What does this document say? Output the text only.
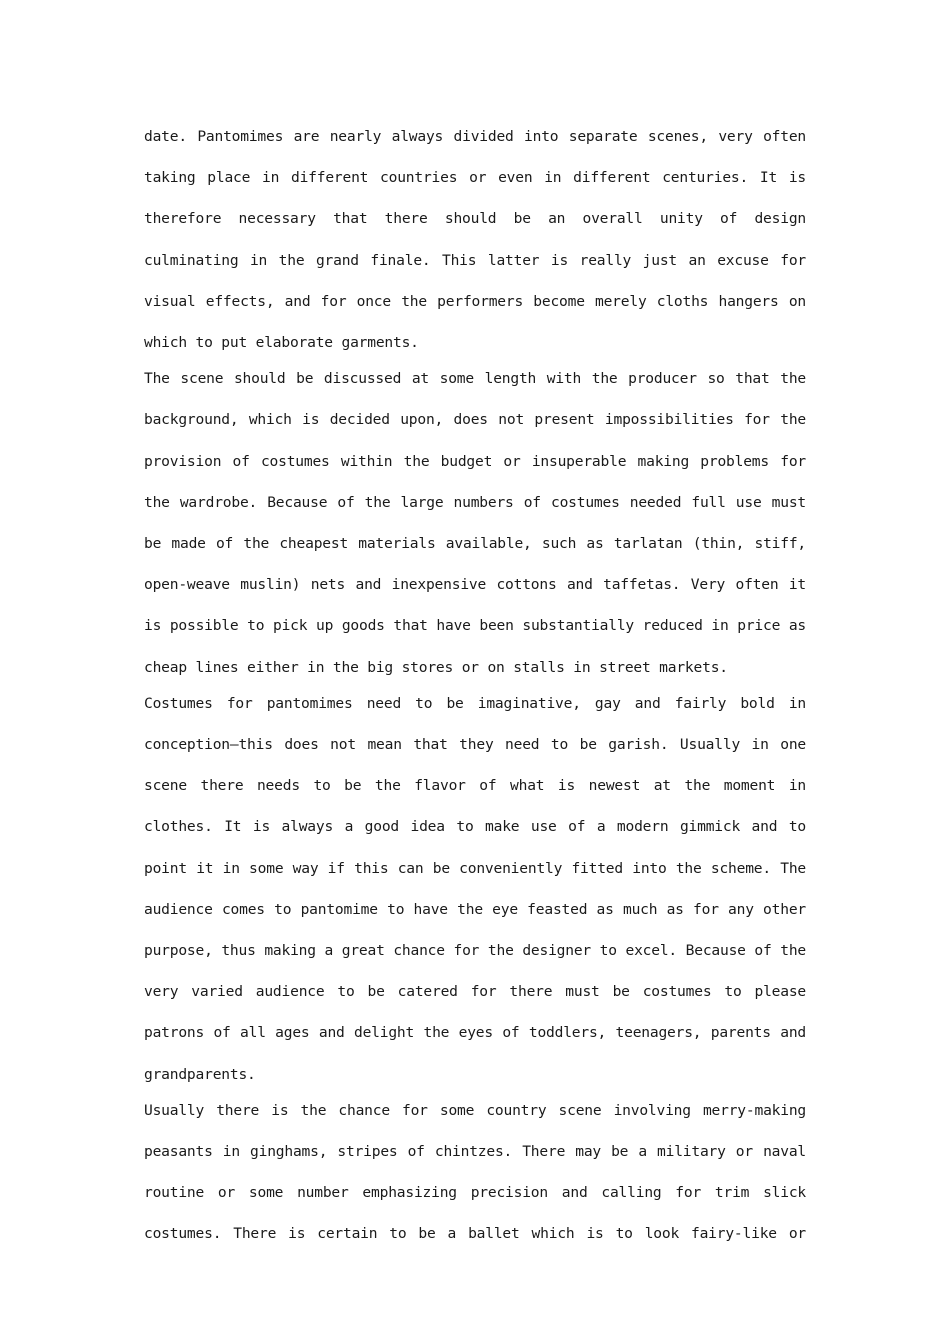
date. Pantomimes are nearly always divided into separate scenes, very often taking place in different countries or even in different centuries. It is therefore necessary that there should be an overall unity of design culminating in the grand finale. This latter is really just an excuse for visual effects, and for once the performers become merely cloths hangers on which to put elaborate garments.

The scene should be discussed at some length with the producer so that the background, which is decided upon, does not present impossibilities for the provision of costumes within the budget or insuperable making problems for the wardrobe. Because of the large numbers of costumes needed full use must be made of the cheapest materials available, such as tarlatan (thin, stiff, open-weave muslin) nets and inexpensive cottons and taffetas. Very often it is possible to pick up goods that have been substantially reduced in price as cheap lines either in the big stores or on stalls in street markets.

Costumes for pantomimes need to be imaginative, gay and fairly bold in conception—this does not mean that they need to be garish. Usually in one scene there needs to be the flavor of what is newest at the moment in clothes. It is always a good idea to make use of a modern gimmick and to point it in some way if this can be conveniently fitted into the scheme. The audience comes to pantomime to have the eye feasted as much as for any other purpose, thus making a great chance for the designer to excel. Because of the very varied audience to be catered for there must be costumes to please patrons of all ages and delight the eyes of toddlers, teenagers, parents and grandparents.

Usually there is the chance for some country scene involving merry-making peasants in ginghams, stripes of chintzes. There may be a military or naval routine or some number emphasizing precision and calling for trim slick costumes. There is certain to be a ballet which is to look fairy-like or
